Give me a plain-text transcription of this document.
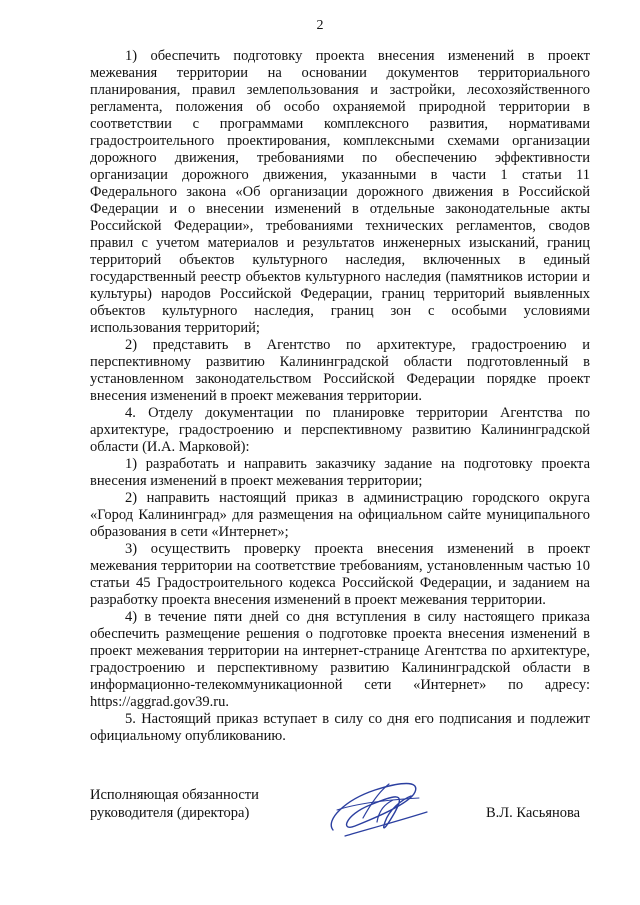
2

1) обеспечить подготовку проекта внесения изменений в проект межевания территории на основании документов территориального планирования, правил землепользования и застройки, лесохозяйственного регламента, положения об особо охраняемой природной территории в соответствии с программами комплексного развития, нормативами градостроительного проектирования, комплексными схемами организации дорожного движения, требованиями по обеспечению эффективности организации дорожного движения, указанными в части 1 статьи 11 Федерального закона «Об организации дорожного движения в Российской Федерации и о внесении изменений в отдельные законодательные акты Российской Федерации», требованиями технических регламентов, сводов правил с учетом материалов и результатов инженерных изысканий, границ территорий объектов культурного наследия, включенных в единый государственный реестр объектов культурного наследия (памятников истории и культуры) народов Российской Федерации, границ территорий выявленных объектов культурного наследия, границ зон с особыми условиями использования территорий;

2) представить в Агентство по архитектуре, градостроению и перспективному развитию Калининградской области подготовленный в установленном законодательством Российской Федерации порядке проект внесения изменений в проект межевания территории.

4. Отделу документации по планировке территории Агентства по архитектуре, градостроению и перспективному развитию Калининградской области (И.А. Марковой):

1) разработать и направить заказчику задание на подготовку проекта внесения изменений в проект межевания территории;

2) направить настоящий приказ в администрацию городского округа «Город Калининград» для размещения на официальном сайте муниципального образования в сети «Интернет»;

3) осуществить проверку проекта внесения изменений в проект межевания территории на соответствие требованиям, установленным частью 10 статьи 45 Градостроительного кодекса Российской Федерации, и заданием на разработку проекта внесения изменений в проект межевания территории.

4) в течение пяти дней со дня вступления в силу настоящего приказа обеспечить размещение решения о подготовке проекта внесения изменений в проект межевания территории на интернет-странице Агентства по архитектуре, градостроению и перспективному развитию Калининградской области в информационно-телекоммуникационной сети «Интернет» по адресу: https://aggrad.gov39.ru.

5. Настоящий приказ вступает в силу со дня его подписания и подлежит официальному опубликованию.

Исполняющая обязанности
руководителя (директора)	В.Л. Касьянова
